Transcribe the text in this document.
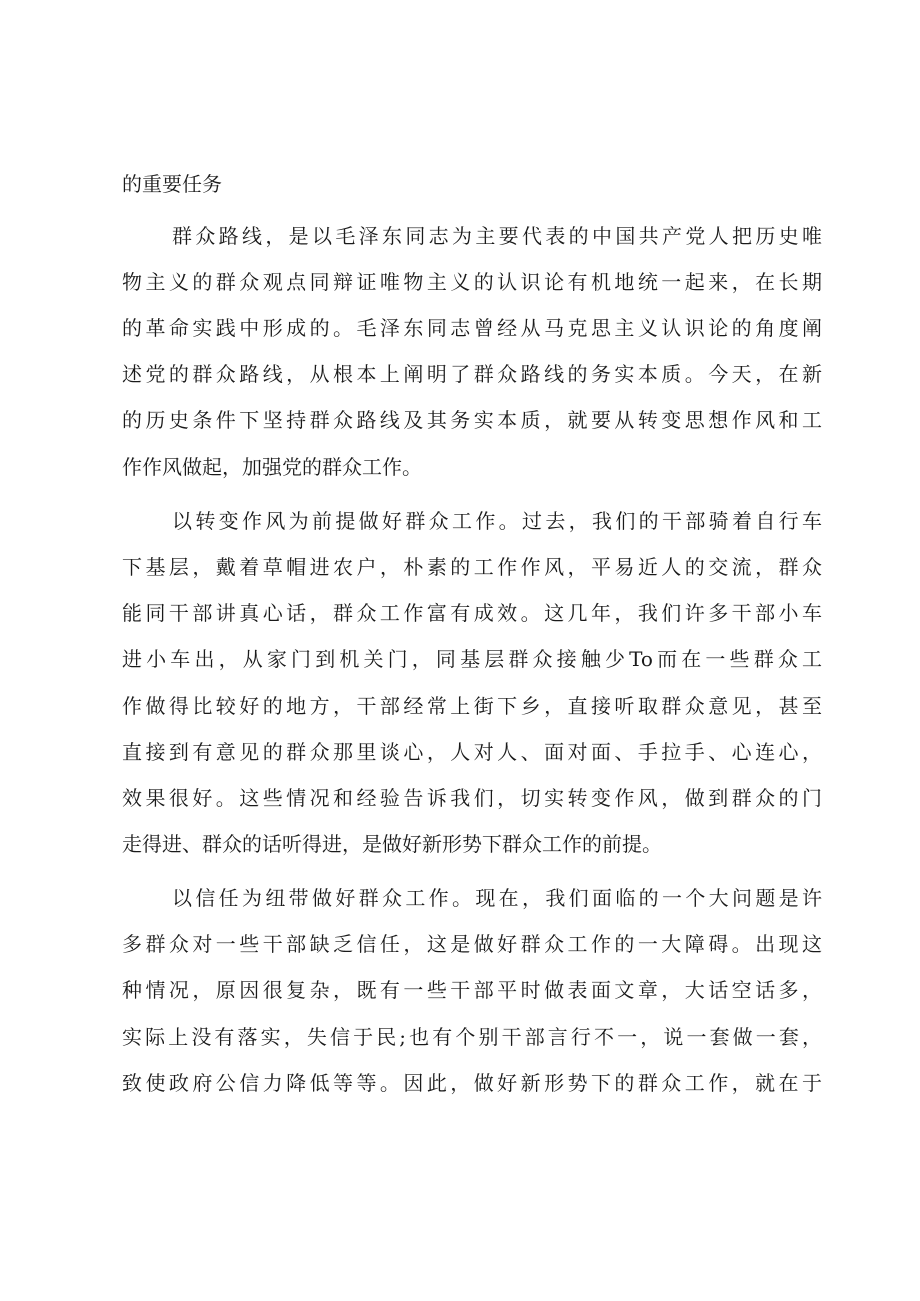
的重要任务
群众路线，是以毛泽东同志为主要代表的中国共产党人把历史唯
物主义的群众观点同辩证唯物主义的认识论有机地统一起来，在长期
的革命实践中形成的。毛泽东同志曾经从马克思主义认识论的角度阐
述党的群众路线，从根本上阐明了群众路线的务实本质。今天，在新
的历史条件下坚持群众路线及其务实本质，就要从转变思想作风和工
作作风做起，加强党的群众工作。
以转变作风为前提做好群众工作。过去，我们的干部骑着自行车
下基层，戴着草帽进农户，朴素的工作作风，平易近人的交流，群众
能同干部讲真心话，群众工作富有成效。这几年，我们许多干部小车
进小车出，从家门到机关门，同基层群众接触少To而在一些群众工
作做得比较好的地方，干部经常上街下乡，直接听取群众意见，甚至
直接到有意见的群众那里谈心，人对人、面对面、手拉手、心连心，
效果很好。这些情况和经验告诉我们，切实转变作风，做到群众的门
走得进、群众的话听得进，是做好新形势下群众工作的前提。
以信任为纽带做好群众工作。现在，我们面临的一个大问题是许
多群众对一些干部缺乏信任，这是做好群众工作的一大障碍。出现这
种情况，原因很复杂，既有一些干部平时做表面文章，大话空话多，
实际上没有落实，失信于民;也有个别干部言行不一，说一套做一套，
致使政府公信力降低等等。因此，做好新形势下的群众工作，就在于
